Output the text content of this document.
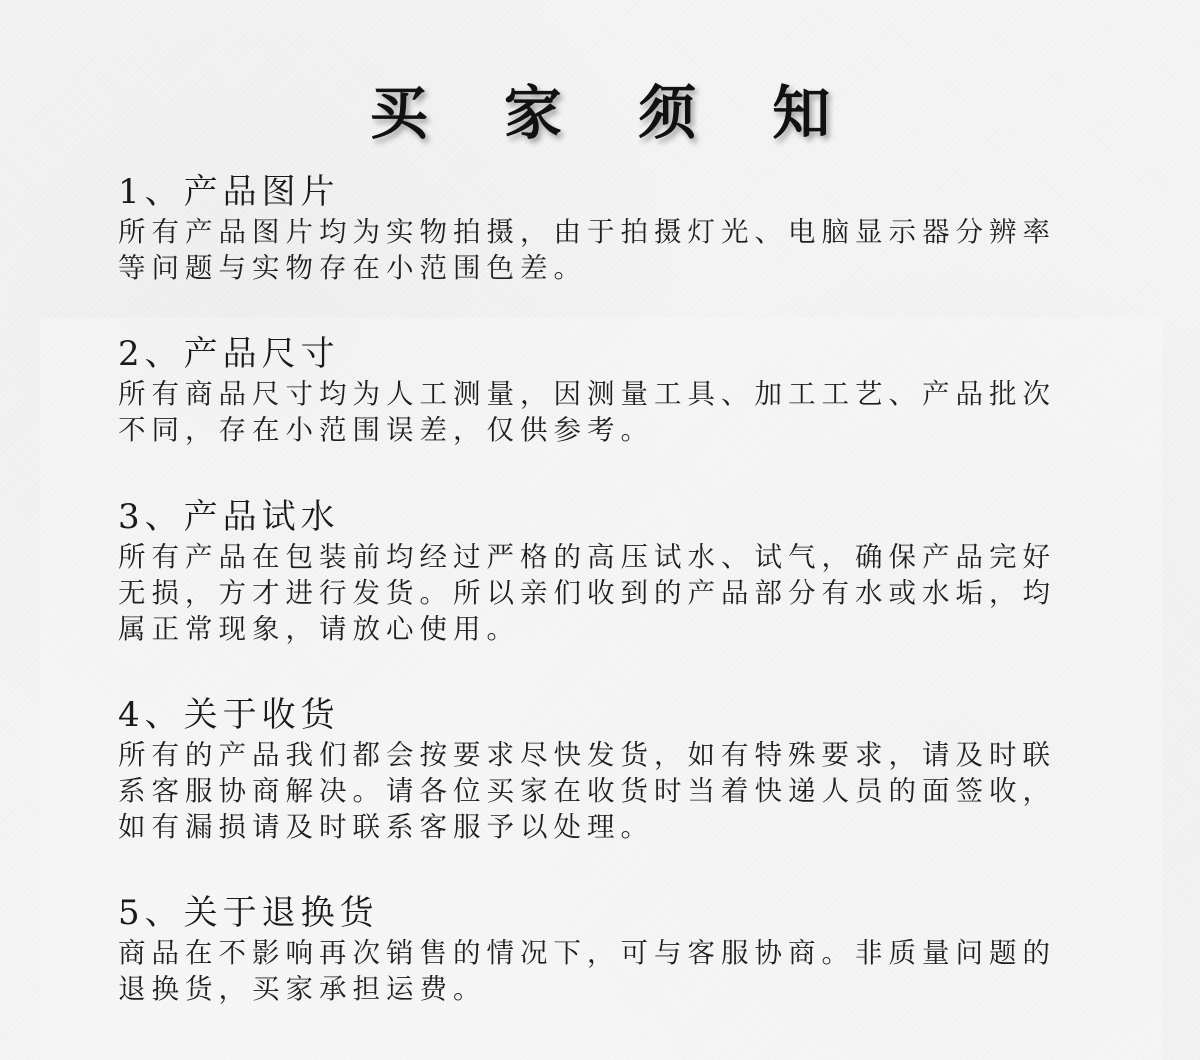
买 家 须 知
1、产品图片
所有产品图片均为实物拍摄，由于拍摄灯光、电脑显示器分辨率等问题与实物存在小范围色差。
2、产品尺寸
所有商品尺寸均为人工测量，因测量工具、加工工艺、产品批次不同，存在小范围误差，仅供参考。
3、产品试水
所有产品在包装前均经过严格的高压试水、试气，确保产品完好无损，方才进行发货。所以亲们收到的产品部分有水或水垢，均属正常现象，请放心使用。
4、关于收货
所有的产品我们都会按要求尽快发货，如有特殊要求，请及时联系客服协商解决。请各位买家在收货时当着快递人员的面签收，如有漏损请及时联系客服予以处理。
5、关于退换货
商品在不影响再次销售的情况下，可与客服协商。非质量问题的退换货，买家承担运费。
